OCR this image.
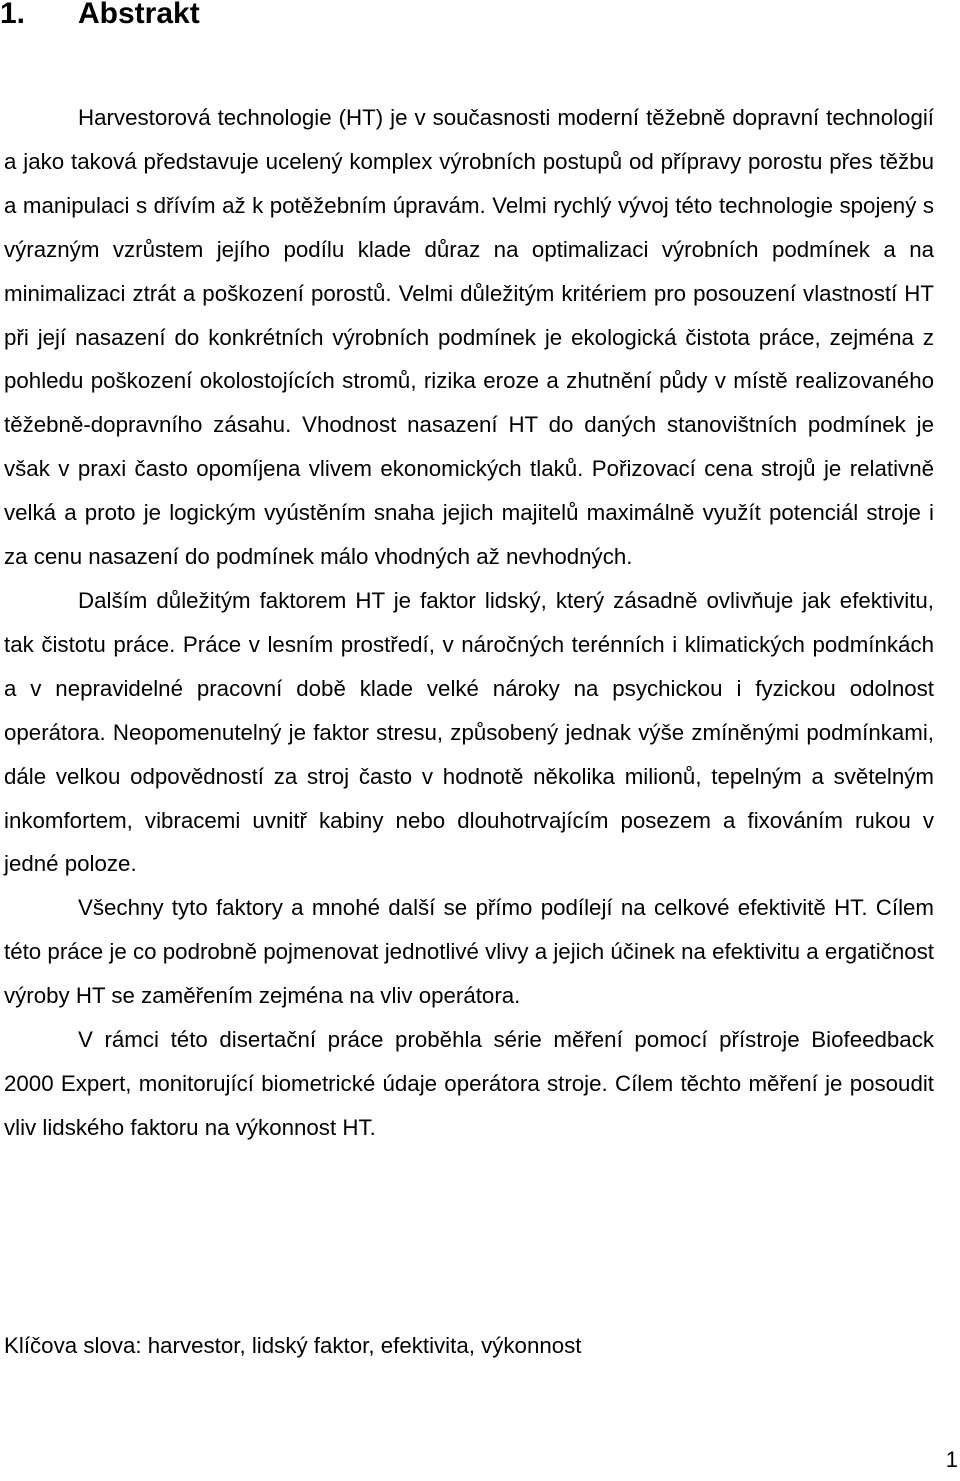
1. Abstrakt

Harvestorová technologie (HT) je v současnosti moderní těžebně dopravní technologií a jako taková představuje ucelený komplex výrobních postupů od přípravy porostu přes těžbu a manipulaci s dřívím až k potěžebním úpravám. Velmi rychlý vývoj této technologie spojený s výrazným vzrůstem jejího podílu klade důraz na optimalizaci výrobních podmínek a na minimalizaci ztrát a poškození porostů. Velmi důležitým kritériem pro posouzení vlastností HT při její nasazení do konkrétních výrobních podmínek je ekologická čistota práce, zejména z pohledu poškození okolostojících stromů, rizika eroze a zhutnění půdy v místě realizovaného těžebně-dopravního zásahu. Vhodnost nasazení HT do daných stanovištních podmínek je však v praxi často opomíjena vlivem ekonomických tlaků. Pořizovací cena strojů je relativně velká a proto je logickým vyústěním snaha jejich majitelů maximálně využít potenciál stroje i za cenu nasazení do podmínek málo vhodných až nevhodných.

Dalším důležitým faktorem HT je faktor lidský, který zásadně ovlivňuje jak efektivitu, tak čistotu práce. Práce v lesním prostředí, v náročných terénních i klimatických podmínkách a v nepravidelné pracovní době klade velké nároky na psychickou i fyzickou odolnost operátora. Neopomenutelný je faktor stresu, způsobený jednak výše zmíněnými podmínkami, dále velkou odpovědností za stroj často v hodnotě několika milionů, tepelným a světelným inkomfortem, vibracemi uvnitř kabiny nebo dlouhotrvajícím posezem a fixováním rukou v jedné poloze.

Všechny tyto faktory a mnohé další se přímo podílejí na celkové efektivitě HT. Cílem této práce je co podrobně pojmenovat jednotlivé vlivy a jejich účinek na efektivitu a ergatičnost výroby HT se zaměřením zejména na vliv operátora.

V rámci této disertační práce proběhla série měření pomocí přístroje Biofeedback 2000 Expert, monitorující biometrické údaje operátora stroje. Cílem těchto měření je posoudit vliv lidského faktoru na výkonnost HT.

Klíčova slova: harvestor, lidský faktor, efektivita, výkonnost

1
